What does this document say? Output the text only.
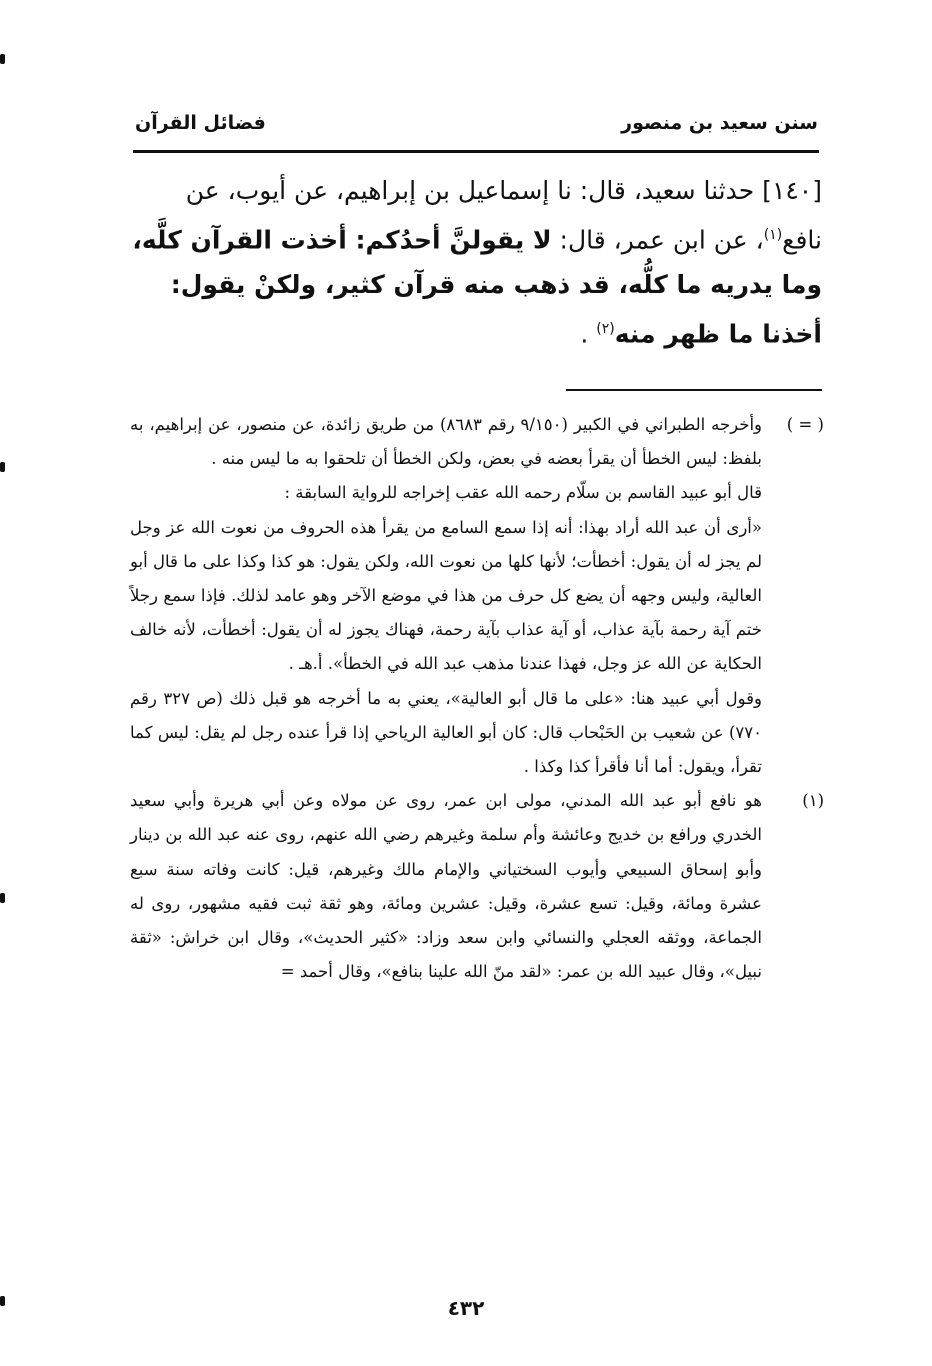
سنن سعيد بن منصور
فضائل القرآن

[١٤٠] حدثنا سعيد، قال: نا إسماعيل بن إبراهيم، عن أيوب، عن نافع$^{(١)}$، عن ابن عمر، قال: لا يقولنَّ أحدُكم: أخذت القرآن كلَّه، وما يدريه ما كلُّه، قد ذهب منه قرآن كثير، ولكنْ يقول: أخذنا ما ظهر منه$^{(٢)}$ .

( = )
وأخرجه الطبراني في الكبير (٩/١٥٠ رقم ٨٦٨٣) من طريق زائدة، عن منصور، عن إبراهيم، به بلفظ: ليس الخطأ أن يقرأ بعضه في بعض، ولكن الخطأ أن تلحقوا به ما ليس منه .

قال أبو عبيد القاسم بن سلّام رحمه الله عقب إخراجه للرواية السابقة :

«أرى أن عبد الله أراد بهذا: أنه إذا سمع السامع من يقرأ هذه الحروف من نعوت الله عز وجل لم يجز له أن يقول: أخطأت؛ لأنها كلها من نعوت الله، ولكن يقول: هو كذا وكذا على ما قال أبو العالية، وليس وجهه أن يضع كل حرف من هذا في موضع الآخر وهو عامد لذلك. فإذا سمع رجلاً ختم آية رحمة بآية عذاب، أو آية عذاب بآية رحمة، فهناك يجوز له أن يقول: أخطأت، لأنه خالف الحكاية عن الله عز وجل، فهذا عندنا مذهب عبد الله في الخطأ». أ.هـ .

وقول أبي عبيد هنا: «على ما قال أبو العالية»، يعني به ما أخرجه هو قبل ذلك (ص ٣٢٧ رقم ٧٧٠) عن شعيب بن الحَبْحاب قال: كان أبو العالية الرياحي إذا قرأ عنده رجل لم يقل: ليس كما تقرأ، ويقول: أما أنا فأقرأ كذا وكذا .

(١)
هو نافع أبو عبد الله المدني، مولى ابن عمر، روى عن مولاه وعن أبي هريرة وأبي سعيد الخدري ورافع بن خديج وعائشة وأم سلمة وغيرهم رضي الله عنهم، روى عنه عبد الله بن دينار وأبو إسحاق السبيعي وأيوب السختياني والإمام مالك وغيرهم، قيل: كانت وفاته سنة سبع عشرة ومائة، وقيل: تسع عشرة، وقيل: عشرين ومائة، وهو ثقة ثبت فقيه مشهور، روى له الجماعة، ووثقه العجلي والنسائي وابن سعد وزاد: «كثير الحديث»، وقال ابن خراش: «ثقة نبيل»، وقال عبيد الله بن عمر: «لقد منّ الله علينا بنافع»، وقال أحمد =

٤٣٢
